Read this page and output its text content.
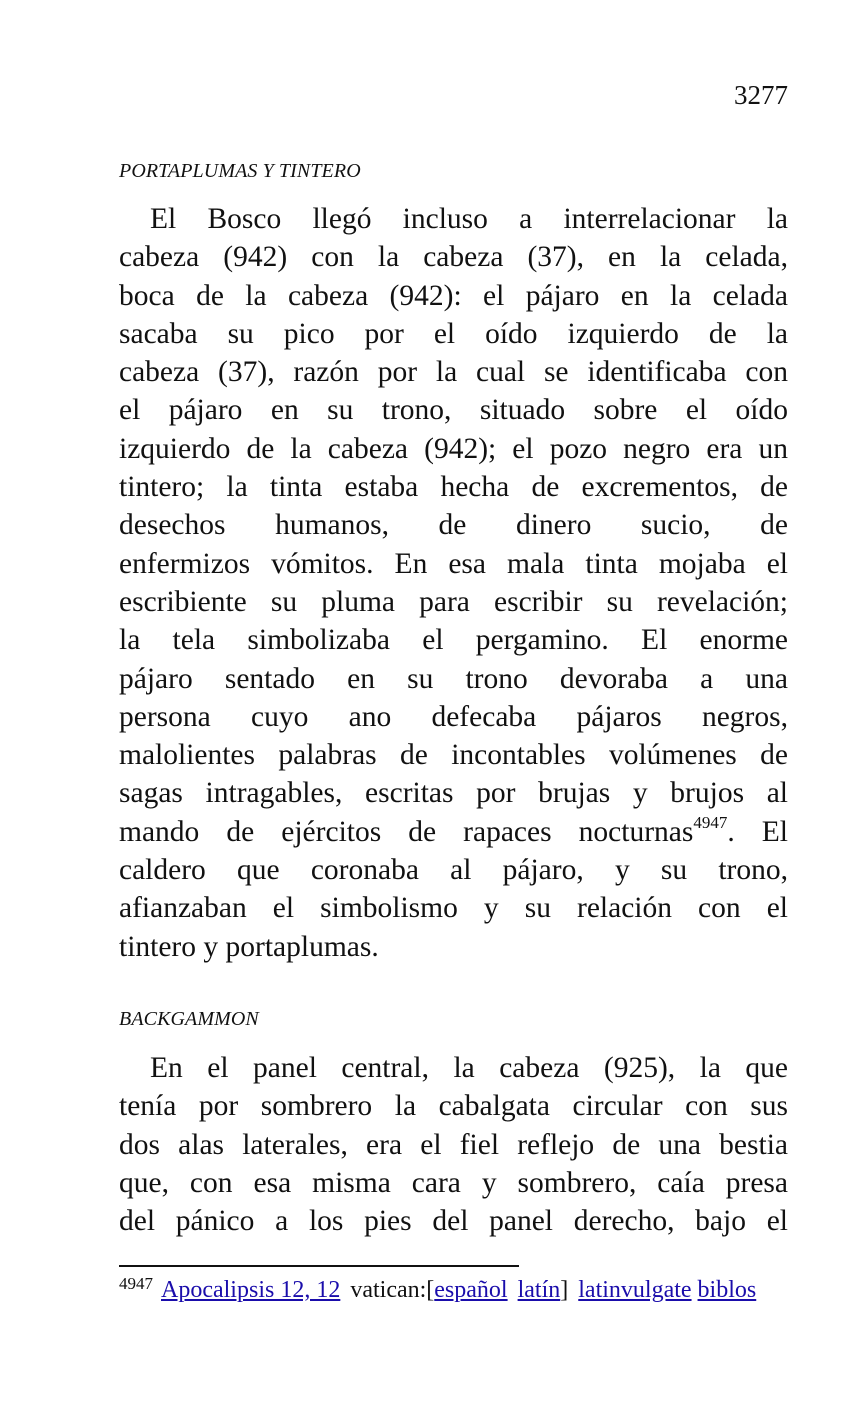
3277
PORTAPLUMAS Y TINTERO
El Bosco llegó incluso a interrelacionar la
cabeza (942) con la cabeza (37), en la celada,
boca de la cabeza (942): el pájaro en la celada
sacaba su pico por el oído izquierdo de la
cabeza (37), razón por la cual se identificaba con
el pájaro en su trono, situado sobre el oído
izquierdo de la cabeza (942); el pozo negro era un
tintero; la tinta estaba hecha de excrementos, de
desechos humanos, de dinero sucio, de
enfermizos vómitos. En esa mala tinta mojaba el
escribiente su pluma para escribir su revelación;
la tela simbolizaba el pergamino. El enorme
pájaro sentado en su trono devoraba a una
persona cuyo ano defecaba pájaros negros,
malolientes palabras de incontables volúmenes de
sagas intragables, escritas por brujas y brujos al
mando de ejércitos de rapaces nocturnas$^{4947}$. El
caldero que coronaba al pájaro, y su trono,
afianzaban el simbolismo y su relación con el
tintero y portaplumas.
BACKGAMMON
En el panel central, la cabeza (925), la que
tenía por sombrero la cabalgata circular con sus
dos alas laterales, era el fiel reflejo de una bestia
que, con esa misma cara y sombrero, caía presa
del pánico a los pies del panel derecho, bajo el
$^{4947}$ Apocalipsis 12, 12 vatican:[español latín] latinvulgate biblos
